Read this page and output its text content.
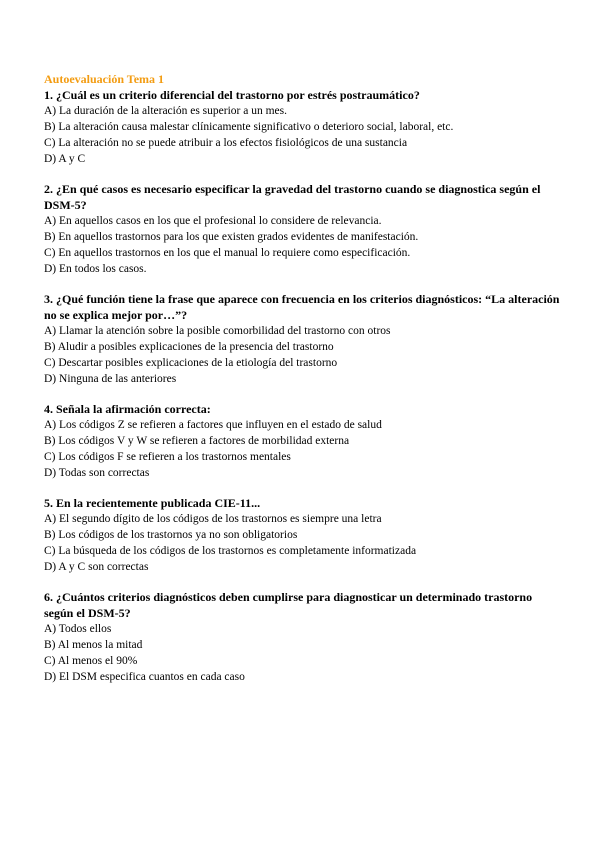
Autoevaluación Tema 1

1. ¿Cuál es un criterio diferencial del trastorno por estrés postraumático?

A) La duración de la alteración es superior a un mes.

B) La alteración causa malestar clínicamente significativo o deterioro social, laboral, etc.

C) La alteración no se puede atribuir a los efectos fisiológicos de una sustancia

D) A y C

2. ¿En qué casos es necesario especificar la gravedad del trastorno cuando se diagnostica según el DSM-5?

A) En aquellos casos en los que el profesional lo considere de relevancia.

B) En aquellos trastornos para los que existen grados evidentes de manifestación.

C) En aquellos trastornos en los que el manual lo requiere como especificación.

D) En todos los casos.

3. ¿Qué función tiene la frase que aparece con frecuencia en los criterios diagnósticos: “La alteración no se explica mejor por…”?

A) Llamar la atención sobre la posible comorbilidad del trastorno con otros

B) Aludir a posibles explicaciones de la presencia del trastorno

C) Descartar posibles explicaciones de la etiología del trastorno

D) Ninguna de las anteriores

4. Señala la afirmación correcta:

A) Los códigos Z se refieren a factores que influyen en el estado de salud

B) Los códigos V y W se refieren a factores de morbilidad externa

C) Los códigos F se refieren a los trastornos mentales

D) Todas son correctas

5. En la recientemente publicada CIE-11...

A) El segundo dígito de los códigos de los trastornos es siempre una letra

B) Los códigos de los trastornos ya no son obligatorios

C) La búsqueda de los códigos de los trastornos es completamente informatizada

D) A y C son correctas

6. ¿Cuántos criterios diagnósticos deben cumplirse para diagnosticar un determinado trastorno según el DSM-5?

A) Todos ellos

B) Al menos la mitad

C) Al menos el 90%

D) El DSM especifica cuantos en cada caso
